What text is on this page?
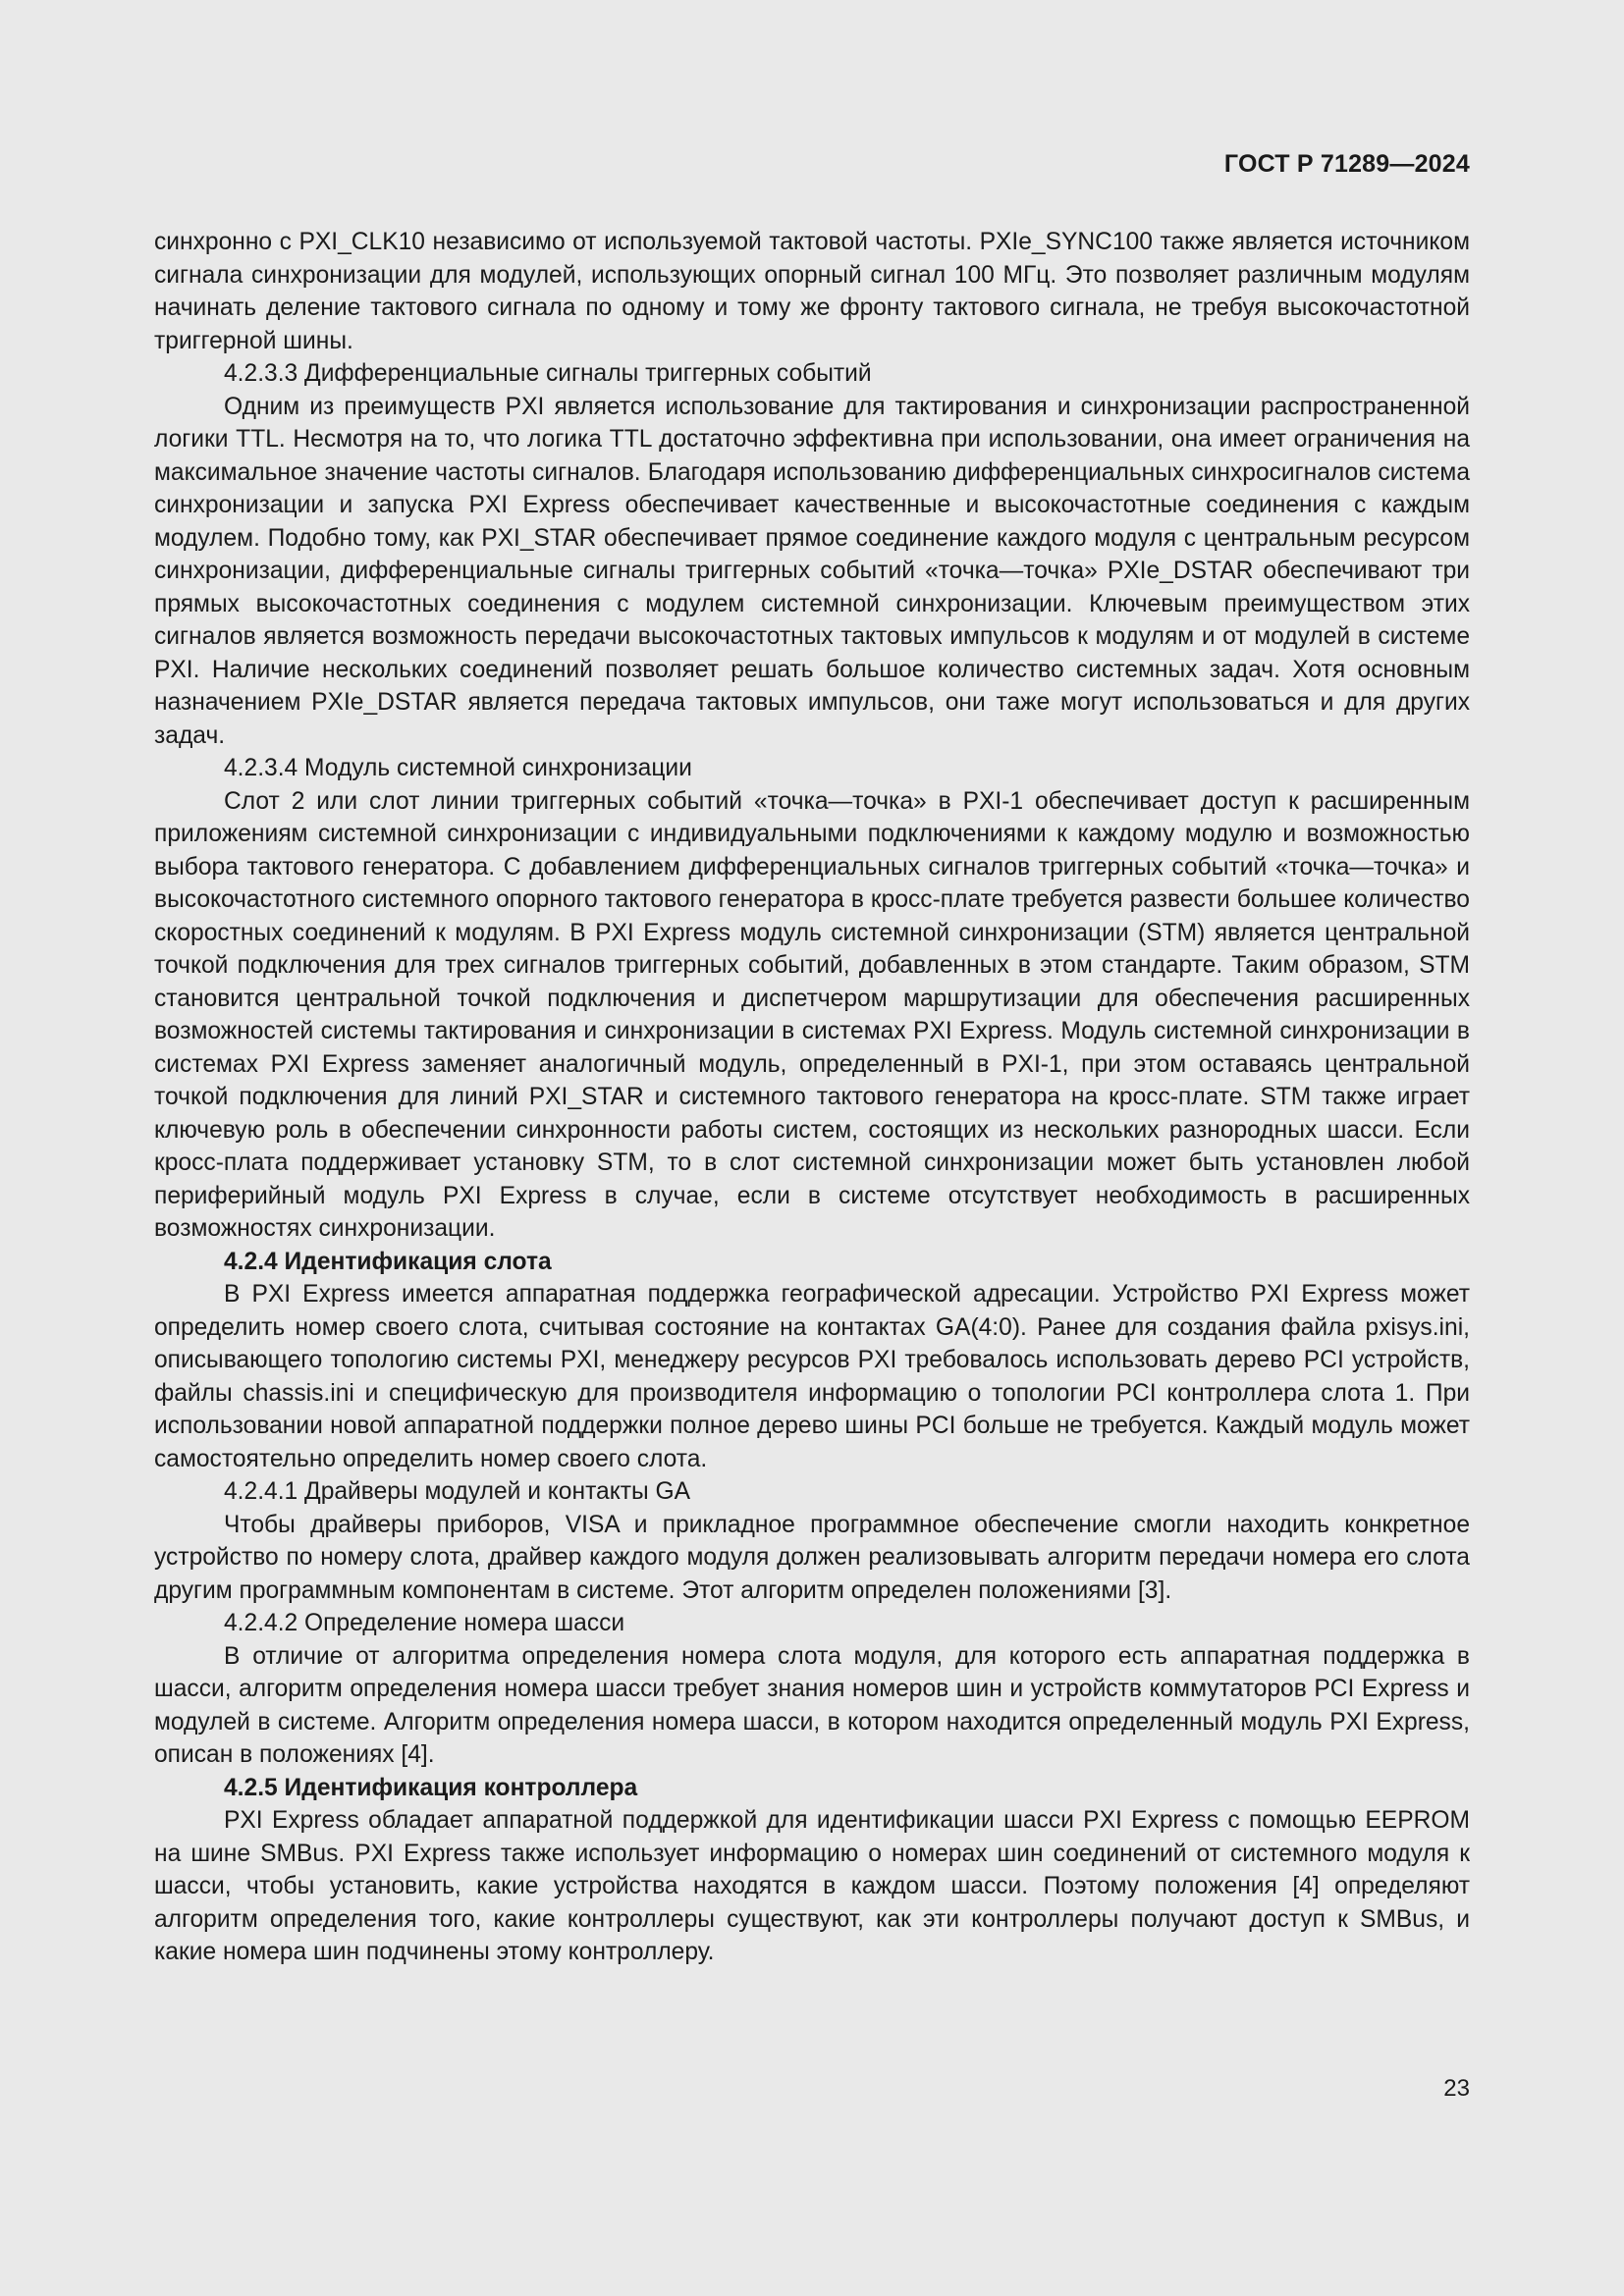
ГОСТ Р 71289—2024

синхронно с PXI_CLK10 независимо от используемой тактовой частоты. PXIe_SYNC100 также является источником сигнала синхронизации для модулей, использующих опорный сигнал 100 МГц. Это позволяет различным модулям начинать деление тактового сигнала по одному и тому же фронту тактового сигнала, не требуя высокочастотной триггерной шины.

4.2.3.3 Дифференциальные сигналы триггерных событий

Одним из преимуществ PXI является использование для тактирования и синхронизации распространенной логики TTL. Несмотря на то, что логика TTL достаточно эффективна при использовании, она имеет ограничения на максимальное значение частоты сигналов. Благодаря использованию дифференциальных синхросигналов система синхронизации и запуска PXI Express обеспечивает качественные и высокочастотные соединения с каждым модулем. Подобно тому, как PXI_STAR обеспечивает прямое соединение каждого модуля с центральным ресурсом синхронизации, дифференциальные сигналы триггерных событий «точка—точка» PXIe_DSTAR обеспечивают три прямых высокочастотных соединения с модулем системной синхронизации. Ключевым преимуществом этих сигналов является возможность передачи высокочастотных тактовых импульсов к модулям и от модулей в системе PXI. Наличие нескольких соединений позволяет решать большое количество системных задач. Хотя основным назначением PXIe_DSTAR является передача тактовых импульсов, они таже могут использоваться и для других задач.

4.2.3.4 Модуль системной синхронизации

Слот 2 или слот линии триггерных событий «точка—точка» в PXI-1 обеспечивает доступ к расширенным приложениям системной синхронизации с индивидуальными подключениями к каждому модулю и возможностью выбора тактового генератора. С добавлением дифференциальных сигналов триггерных событий «точка—точка» и высокочастотного системного опорного тактового генератора в кросс-плате требуется развести большее количество скоростных соединений к модулям. В PXI Express модуль системной синхронизации (STM) является центральной точкой подключения для трех сигналов триггерных событий, добавленных в этом стандарте. Таким образом, STM становится центральной точкой подключения и диспетчером маршрутизации для обеспечения расширенных возможностей системы тактирования и синхронизации в системах PXI Express. Модуль системной синхронизации в системах PXI Express заменяет аналогичный модуль, определенный в PXI-1, при этом оставаясь центральной точкой подключения для линий PXI_STAR и системного тактового генератора на кросс-плате. STM также играет ключевую роль в обеспечении синхронности работы систем, состоящих из нескольких разнородных шасси. Если кросс-плата поддерживает установку STM, то в слот системной синхронизации может быть установлен любой периферийный модуль PXI Express в случае, если в системе отсутствует необходимость в расширенных возможностях синхронизации.

4.2.4 Идентификация слота

В PXI Express имеется аппаратная поддержка географической адресации. Устройство PXI Express может определить номер своего слота, считывая состояние на контактах GA(4:0). Ранее для создания файла pxisys.ini, описывающего топологию системы PXI, менеджеру ресурсов PXI требовалось использовать дерево PCI устройств, файлы chassis.ini и специфическую для производителя информацию о топологии PCI контроллера слота 1. При использовании новой аппаратной поддержки полное дерево шины PCI больше не требуется. Каждый модуль может самостоятельно определить номер своего слота.

4.2.4.1 Драйверы модулей и контакты GA

Чтобы драйверы приборов, VISA и прикладное программное обеспечение смогли находить конкретное устройство по номеру слота, драйвер каждого модуля должен реализовывать алгоритм передачи номера его слота другим программным компонентам в системе. Этот алгоритм определен положениями [3].

4.2.4.2 Определение номера шасси

В отличие от алгоритма определения номера слота модуля, для которого есть аппаратная поддержка в шасси, алгоритм определения номера шасси требует знания номеров шин и устройств коммутаторов PCI Express и модулей в системе. Алгоритм определения номера шасси, в котором находится определенный модуль PXI Express, описан в положениях [4].

4.2.5 Идентификация контроллера

PXI Express обладает аппаратной поддержкой для идентификации шасси PXI Express с помощью EEPROM на шине SMBus. PXI Express также использует информацию о номерах шин соединений от системного модуля к шасси, чтобы установить, какие устройства находятся в каждом шасси. Поэтому положения [4] определяют алгоритм определения того, какие контроллеры существуют, как эти контроллеры получают доступ к SMBus, и какие номера шин подчинены этому контроллеру.

23
